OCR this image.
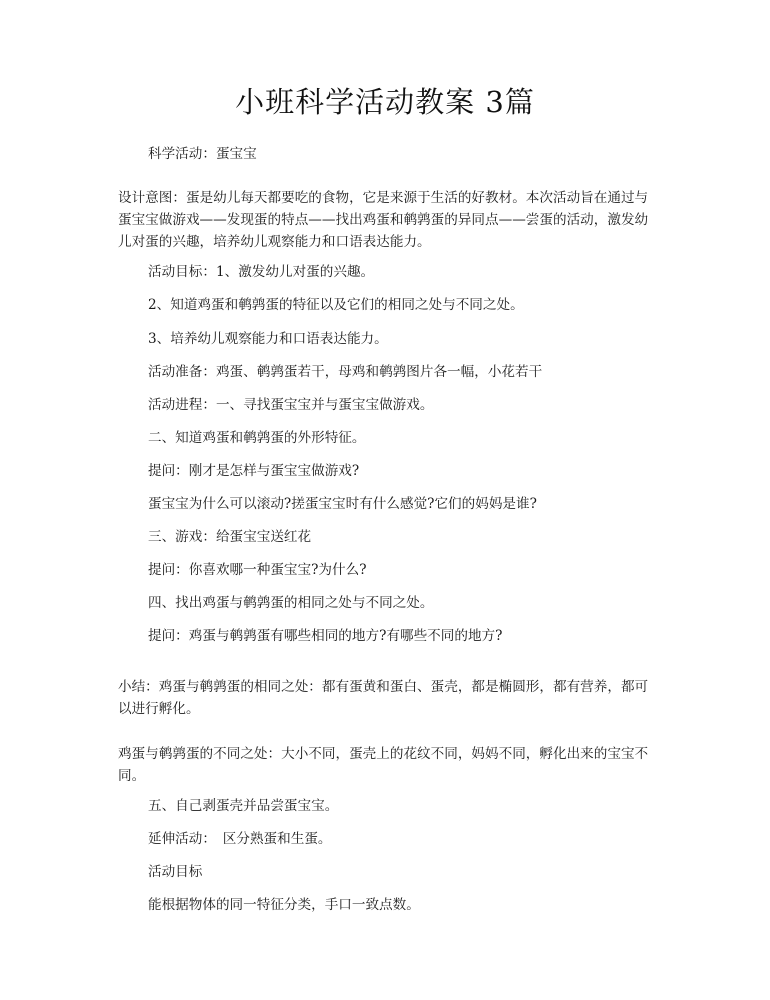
小班科学活动教案 3篇
科学活动：蛋宝宝
设计意图：蛋是幼儿每天都要吃的食物，它是来源于生活的好教材。本次活动旨在通过与蛋宝宝做游戏——发现蛋的特点——找出鸡蛋和鹌鹑蛋的异同点——尝蛋的活动，激发幼儿对蛋的兴趣，培养幼儿观察能力和口语表达能力。
活动目标：1、激发幼儿对蛋的兴趣。
2、知道鸡蛋和鹌鹑蛋的特征以及它们的相同之处与不同之处。
3、培养幼儿观察能力和口语表达能力。
活动准备：鸡蛋、鹌鹑蛋若干，母鸡和鹌鹑图片各一幅，小花若干
活动进程：一、寻找蛋宝宝并与蛋宝宝做游戏。
二、知道鸡蛋和鹌鹑蛋的外形特征。
提问：刚才是怎样与蛋宝宝做游戏?
蛋宝宝为什么可以滚动?搓蛋宝宝时有什么感觉?它们的妈妈是谁?
三、游戏：给蛋宝宝送红花
提问：你喜欢哪一种蛋宝宝?为什么?
四、找出鸡蛋与鹌鹑蛋的相同之处与不同之处。
提问：鸡蛋与鹌鹑蛋有哪些相同的地方?有哪些不同的地方?
小结：鸡蛋与鹌鹑蛋的相同之处：都有蛋黄和蛋白、蛋壳，都是椭圆形，都有营养，都可以进行孵化。
鸡蛋与鹌鹑蛋的不同之处：大小不同，蛋壳上的花纹不同，妈妈不同，孵化出来的宝宝不同。
五、自己剥蛋壳并品尝蛋宝宝。
延伸活动：　区分熟蛋和生蛋。
活动目标
能根据物体的同一特征分类，手口一致点数。
